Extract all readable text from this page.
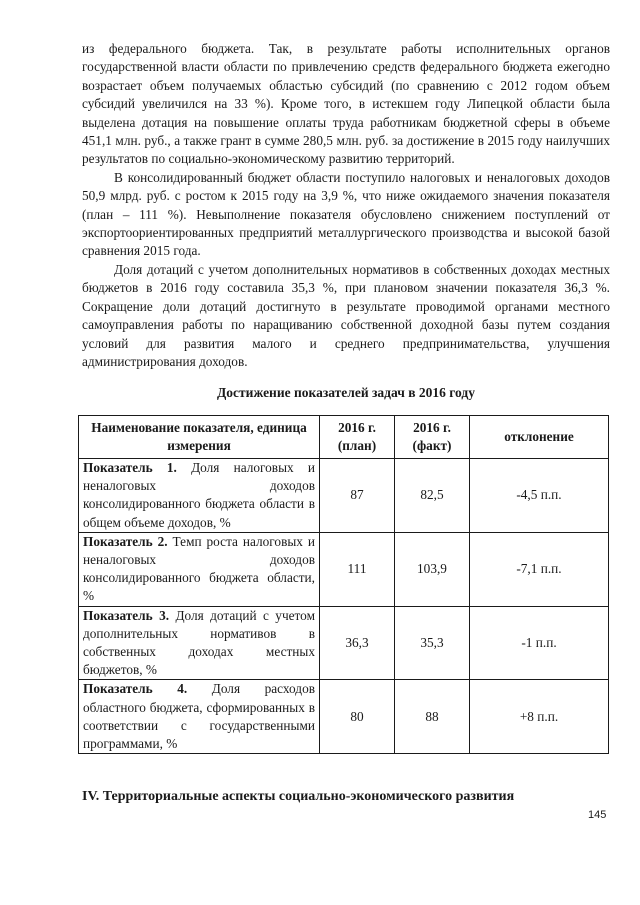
из федерального бюджета. Так, в результате работы исполнительных органов государственной власти области по привлечению средств федерального бюджета ежегодно возрастает объем получаемых областью субсидий (по сравнению с 2012 годом объем субсидий увеличился на 33 %). Кроме того, в истекшем году Липецкой области была выделена дотация на повышение оплаты труда работникам бюджетной сферы в объеме 451,1 млн. руб., а также грант в сумме 280,5 млн. руб. за достижение в 2015 году наилучших результатов по социально-экономическому развитию территорий.

В консолидированный бюджет области поступило налоговых и неналоговых доходов 50,9 млрд. руб. с ростом к 2015 году на 3,9 %, что ниже ожидаемого значения показателя (план – 111 %). Невыполнение показателя обусловлено снижением поступлений от экспортоориентированных предприятий металлургического производства и высокой базой сравнения 2015 года.

Доля дотаций с учетом дополнительных нормативов в собственных доходах местных бюджетов в 2016 году составила 35,3 %, при плановом значении показателя 36,3 %. Сокращение доли дотаций достигнуто в результате проводимой органами местного самоуправления работы по наращиванию собственной доходной базы путем создания условий для развития малого и среднего предпринимательства, улучшения администрирования доходов.

Достижение показателей задач в 2016 году
Наименование показателя, единица измерения	2016 г. (план)	2016 г. (факт)	отклонение
Показатель 1. Доля налоговых и неналоговых доходов консолидированного бюджета области в общем объеме доходов, %	87	82,5	-4,5 п.п.
Показатель 2. Темп роста налоговых и неналоговых доходов консолидированного бюджета области, %	111	103,9	-7,1 п.п.
Показатель 3. Доля дотаций с учетом дополнительных нормативов в собственных доходах местных бюджетов, %	36,3	35,3	-1 п.п.
Показатель 4. Доля расходов областного бюджета, сформированных в соответствии с государственными программами, %	80	88	+8 п.п.
IV. Территориальные аспекты социально-экономического развития
145
